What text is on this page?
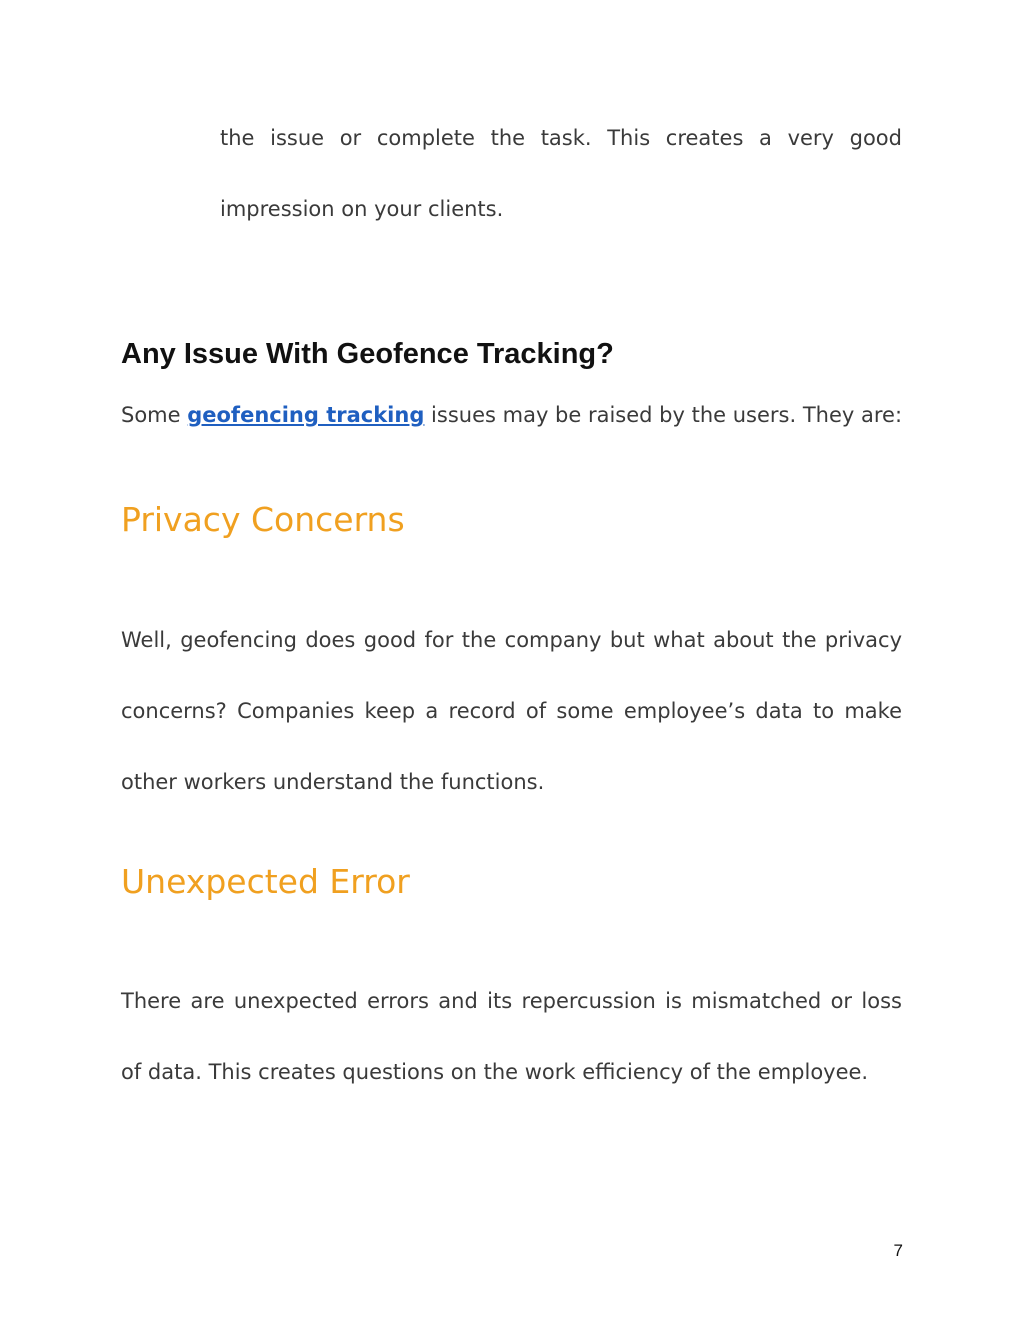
the issue or complete the task. This creates a very good
impression on your clients.

Any Issue With Geofence Tracking?

Some geofencing tracking issues may be raised by the users. They are:

Privacy Concerns

Well, geofencing does good for the company but what about the privacy
concerns? Companies keep a record of some employee’s data to make
other workers understand the functions.

Unexpected Error

There are unexpected errors and its repercussion is mismatched or loss
of data. This creates questions on the work efficiency of the employee.

7
